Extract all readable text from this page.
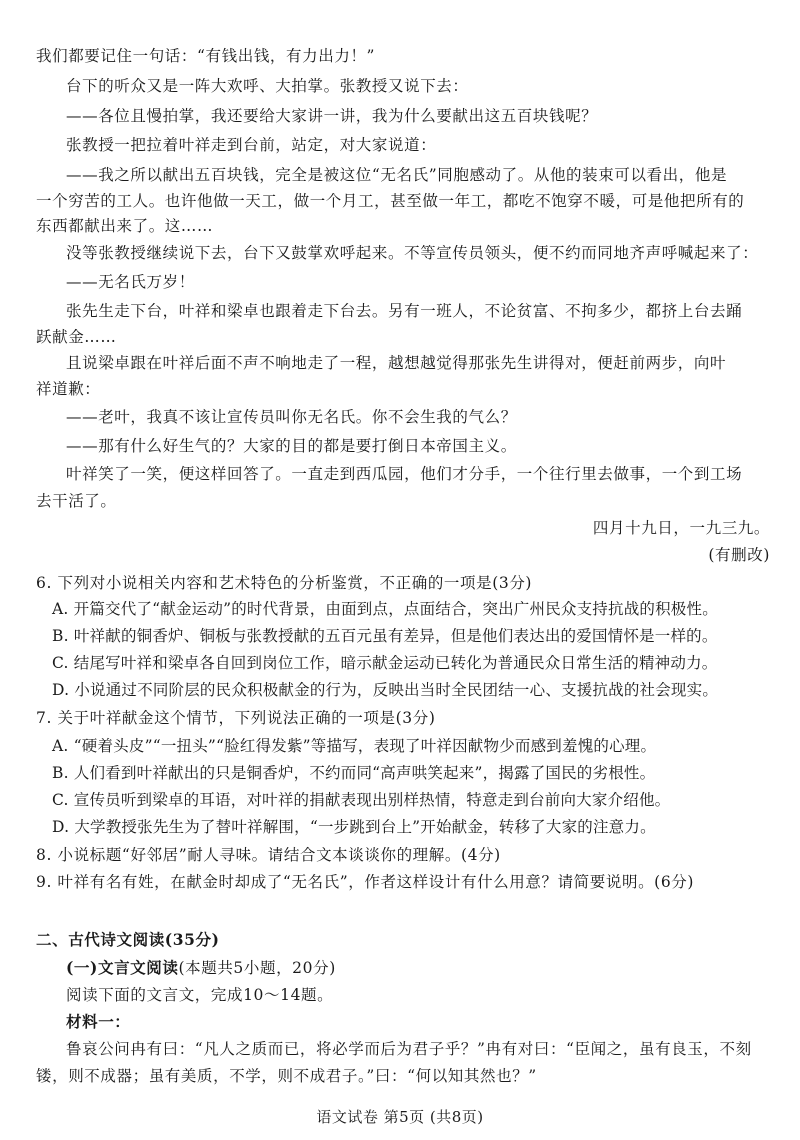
我们都要记住一句话：“有钱出钱，有力出力！”
台下的听众又是一阵大欢呼、大拍掌。张教授又说下去：
——各位且慢拍掌，我还要给大家讲一讲，我为什么要献出这五百块钱呢？
张教授一把拉着叶祥走到台前，站定，对大家说道：
——我之所以献出五百块钱，完全是被这位“无名氏”同胞感动了。从他的装束可以看出，他是
一个穷苦的工人。也许他做一天工，做一个月工，甚至做一年工，都吃不饱穿不暖，可是他把所有的
东西都献出来了。这……
没等张教授继续说下去，台下又鼓掌欢呼起来。不等宣传员领头，便不约而同地齐声呼喊起来了：
——无名氏万岁！
张先生走下台，叶祥和梁卓也跟着走下台去。另有一班人，不论贫富、不拘多少，都挤上台去踊
跃献金……
且说梁卓跟在叶祥后面不声不响地走了一程，越想越觉得那张先生讲得对，便赶前两步，向叶
祥道歉：
——老叶，我真不该让宣传员叫你无名氏。你不会生我的气么？
——那有什么好生气的？大家的目的都是要打倒日本帝国主义。
叶祥笑了一笑，便这样回答了。一直走到西瓜园，他们才分手，一个往行里去做事，一个到工场
去干活了。
四月十九日，一九三九。
(有删改)
6. 下列对小说相关内容和艺术特色的分析鉴赏，不正确的一项是(3分)
A. 开篇交代了“献金运动”的时代背景，由面到点，点面结合，突出广州民众支持抗战的积极性。
B. 叶祥献的铜香炉、铜板与张教授献的五百元虽有差异，但是他们表达出的爱国情怀是一样的。
C. 结尾写叶祥和梁卓各自回到岗位工作，暗示献金运动已转化为普通民众日常生活的精神动力。
D. 小说通过不同阶层的民众积极献金的行为，反映出当时全民团结一心、支援抗战的社会现实。
7. 关于叶祥献金这个情节，下列说法正确的一项是(3分)
A. “硬着头皮”“一扭头”“脸红得发紫”等描写，表现了叶祥因献物少而感到羞愧的心理。
B. 人们看到叶祥献出的只是铜香炉，不约而同“高声哄笑起来”，揭露了国民的劣根性。
C. 宣传员听到梁卓的耳语，对叶祥的捐献表现出别样热情，特意走到台前向大家介绍他。
D. 大学教授张先生为了替叶祥解围，“一步跳到台上”开始献金，转移了大家的注意力。
8. 小说标题“好邻居”耐人寻味。请结合文本谈谈你的理解。(4分)
9. 叶祥有名有姓，在献金时却成了“无名氏”，作者这样设计有什么用意？请简要说明。(6分)
二、古代诗文阅读(35分)
(一)文言文阅读(本题共5小题，20分)
阅读下面的文言文，完成10～14题。
材料一：
鲁哀公问冉有曰：“凡人之质而已，将必学而后为君子乎？”冉有对曰：“臣闻之，虽有良玉，不刻
镂，则不成器；虽有美质，不学，则不成君子。”曰：“何以知其然也？”
语文试卷 第5页 (共8页)
